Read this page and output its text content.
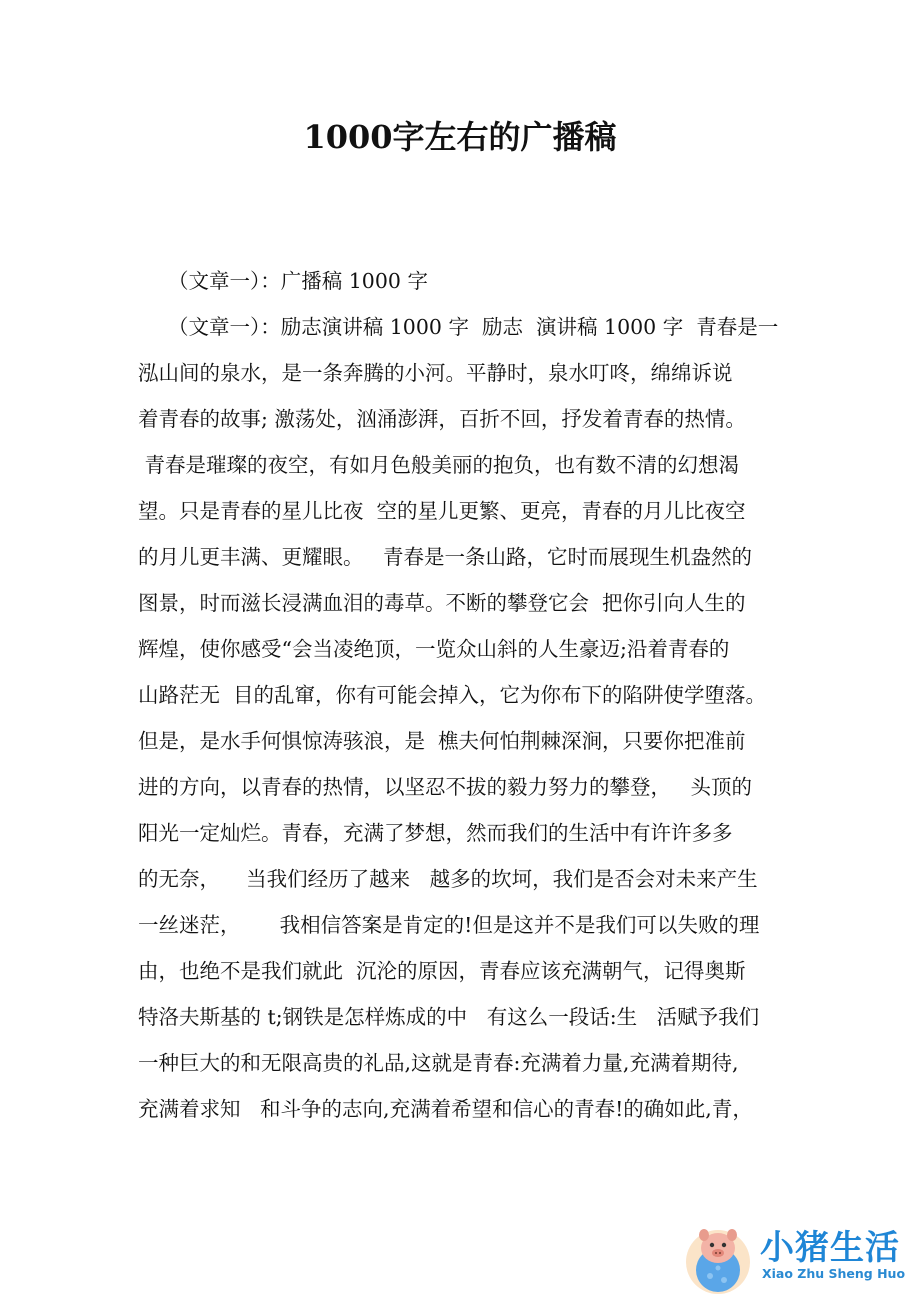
1000字左右的广播稿
（文章一）：广播稿 1000 字
（文章一）：励志演讲稿 1000 字  励志  演讲稿 1000 字  青春是一
泓山间的泉水，是一条奔腾的小河。平静时，泉水叮咚，绵绵诉说
着青春的故事; 激荡处，汹涌澎湃，百折不回，抒发着青春的热情。
青春是璀璨的夜空，有如月色般美丽的抱负，也有数不清的幻想渴
望。只是青春的星儿比夜  空的星儿更繁、更亮，青春的月儿比夜空
的月儿更丰满、更耀眼。   青春是一条山路，它时而展现生机盎然的
图景，时而滋长浸满血泪的毒草。不断的攀登它会  把你引向人生的
辉煌，使你感受“会当凌绝顶，一览众山斜的人生豪迈;沿着青春的
山路茫无  目的乱窜，你有可能会掉入，它为你布下的陷阱使学堕落。
但是，是水手何惧惊涛骇浪，是  樵夫何怕荆棘深涧，只要你把准前
进的方向，以青春的热情，以坚忍不拔的毅力努力的攀登，   头顶的
阳光一定灿烂。青春，充满了梦想，然而我们的生活中有许许多多
的无奈，    当我们经历了越来   越多的坎坷，我们是否会对未来产生
一丝迷茫，      我相信答案是肯定的!但是这并不是我们可以失败的理
由，也绝不是我们就此  沉沦的原因，青春应该充满朝气，记得奥斯
特洛夫斯基的 t;钢铁是怎样炼成的中   有这么一段话:生   活赋予我们
一种巨大的和无限高贵的礼品,这就是青春:充满着力量,充满着期待,
充满着求知   和斗争的志向,充满着希望和信心的青春!的确如此,青，
小猪生活
Xiao Zhu Sheng Huo
